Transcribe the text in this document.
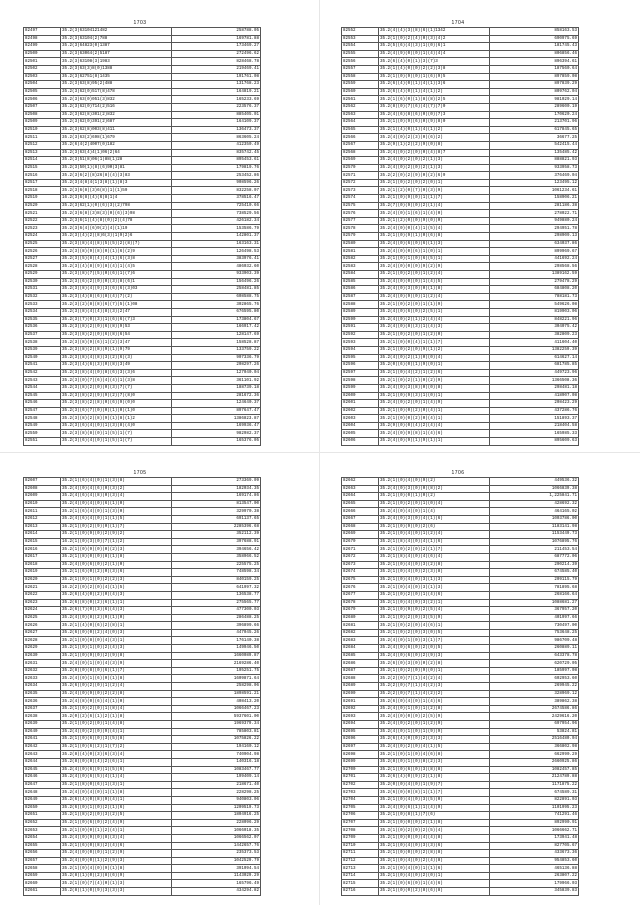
1703
82497	35.2(3)63104121482	258788.05
82498	35.2(3)63104(2)788	169781.88
82499	35.2(3)64823(0)1387	173469.27
82500	35.2(3)63064(2)5187	272496.62
82501	35.2(3)63108(3)1983	828468.78
82502	35.2(3)63(3)8(0)1388	219469.41
82503	35.2(3)62751(8)1435	191761.08
82504	35.2(3)63(8)95(2)488	131768.23
82505	35.2(3)62(0)517(8)478	164819.21
82506	35.2(3)63(0)051(3)832	165233.69
82507	35.2(3)62(0)714(2)516	223576.37
82508	35.2(3)62(8)301(2)832	885405.01
82509	35.2(3)62(0)391(2)687	164109.37
82510	35.2(3)62(8)003(8)411	136473.37
82511	35.2(3)63(2)698(1)679	863605.24
82512	35.2(6)4(2)4007(0)182	412350.49
82513	35.2(3)63(4)4(1)06(2)64	835742.45
82514	35.2(3)51(8)06(1)88(1)28	895453.61
82515	35.2(3)50(1)(8)(6)90(3)81	179819.76
82516	35.2(3)6(2)(8)26(8)(4)(3)83	253452.86
82517	35.2(3)4(8)4(1)3(8)(1)(8)3	908596.26
82518	35.2(3)6(8)(3)6(8)(1)(1)59	832258.07
82519	16.2(3)6(8)(4)(6)8(1)4	378516.47
82520	35.2(3)62(1)(0)(6)(3)(2)798	725410.66
82521	35.2(3)6(8)(3)8(3)(0)(6)(3)98	738529.56
82522	35.2(3)6(1)(4)(8)(0)(2)(4)78	426182.34
82523	35.2(3)6(4)(6)9(2)(4)(1)19	153586.79
82524	35.2(3)(4)(2)(8)6(3)(1)9(2)6	142801.37
82525	35.2(3)(8)(4)(8)(5)(5)(2)(8)(7)	163163.31
82526	35.2(3)(8)(9)(8)(0)(1)(6)(2)9	126498.53
82527	35.2(3)(5)(8)(4)(4)(1)(6)(3)8	383976.41
82528	35.2(3)(4)(8)(9)(8)(4)(1)(4)5	486032.60
82529	35.2(3)(8)(7)(5)(0)(6)(1)(7)6	933903.39
82530	35.2(3)(6)(2)(0)(0)(3)(8)(6)1	156496.26
82531	35.2(3)(8)(4)(9)(3)(6)(6)(3)03	258481.85
82532	35.2(3)(4)(8)(6)(8)(4)(7)(2)	608588.75
82533	35.2(3)(2)(8)(8)(6)(7)(5)(1)08	302865.76
82534	35.2(3)(8)(4)(4)(8)(3)(2)47	676595.80
82535	35.2(3)(7)(0)(3)(1)(6)(6)(7)3	173804.67
82536	35.2(3)(8)(2)(0)(6)(8)(9)53	166917.42
82537	35.2(3)(8)(2)(0)(6)(8)(6)54	128147.69
82538	35.2(3)(8)(9)(6)(1)(2)(3)47	158528.87
82539	35.2(3)(8)(2)(8)(9)(1)(9)79	133759.22
82540	35.2(3)(8)(4)(8)(3)(2)(6)(3)	907336.79
82541	35.2(3)(4)(6)(3)(0)(8)(3)49	208297.26
82542	35.2(3)(8)(4)(0)(8)(6)(3)(3)6	127040.04
82543	35.2(3)(0)(7)(6)(4)(4)(1)(3)8	361101.92
82544	35.2(3)(8)(2)(0)(0)(3)(7)(7)	188739.18
82545	35.2(3)(8)(2)(9)(9)(2)(7)(8)0	281672.36
82546	35.2(3)(8)(2)(8)(0)(6)(9)(0)0	124640.37
82547	35.2(3)(6)(7)(0)(0)(1)(0)(1)0	897647.47
82548	35.2(3)(8)(2)(8)(9)(1)(8)(1)2	1386823.87
82549	35.2(3)(6)(4)(0)(1)(3)(8)(4)0	169936.47
82550	35.2(3)(8)(8)(0)(1)(5)(1)(7)	982982.37
82551	35.2(3)(6)(4)(0)(1)(5)(1)(7)	165376.05
1704
82552	35.2(4)(4)(3)(8)(6)(1)1342	858163.53
82553	35.2(1)(0)(2)(4)(0)(3)(4)2	690975.69
82554	35.2(5)(6)(4)(3)(1)(0)(6)1	181745.43
82555	35.2(4)(9)(0)(0)(1)(4)(4)4	806856.46
82556	35.2(6)(4)(0)(1)(3)(7)3	896394.61
82557	35.2(1)(4)(0)(0)(2)(2)(3)8	187560.64
82558	35.2(1)(0)(9)(0)(1)(6)(9)5	897859.08
82559	35.2(6)(4)(0)(1)(4)(1)(3)6	897839.29
82560	35.2(6)(4)(0)(1)(4)(1)(2)	809762.04
82561	35.2(1)(6)(0)(1)(8)(8)(2)5	981029.14
82562	35.2(8)(0)(7)(6)(4)(7)(7)0	289600.19
82563	35.2(4)(6)(8)(6)(0)(0)(7)3	170620.24
82564	35.2(1)(0)(9)(6)(0)(9)(8)0	213701.96
82565	35.2(1)(4)(0)(1)(4)(1)(2)	617845.65
82566	35.2(4)(0)(2)(3)(0)(6)(2)	36677.25
82567	35.2(9)(1)(2)(2)(9)(0)(8)	542415.44
82568	35.2(4)(0)(2)(0)(0)(4)(8)7	135485.42
82569	35.2(4)(0)(2)(0)(2)(1)(3)	888821.93
82570	35.2(4)(0)(2)(0)(2)(1)(3)	933958.73
82571	35.2(2)(0)(2)(9)(0)(2)(6)9	376469.04
82572	35.2(1)(0)(2)(0)(2)(0)(1)	123495.12
82573	35.2(1)(2)(0)(7)(0)(3)(9)	1061234.61
82574	35.2(1)(0)(9)(0)(1)(1)(7)	158906.21
82575	35.2(7)(0)(9)(0)(2)(1)(4)	281186.38
82576	35.2(4)(0)(1)(6)(1)(4)(0)	278022.71
82577	35.2(1)(2)(0)(0)(9)(0)(0)	949880.24
82578	35.2(4)(0)(0)(4)(1)(5)(4)	294951.78
82579	35.2(1)(0)(9)(1)(0)(6)(8)	298909.13
82580	35.2(4)(0)(6)(0)(6)(1)(3)	634037.86
82581	35.2(4)(0)(0)(6)(1)(0)(1)	899969.67
82582	35.2(1)(0)(1)(0)(6)(5)(1)	441692.24
82583	35.2(4)(0)(0)(0)(9)(2)(9)	298568.56
82584	35.2(1)(0)(2)(0)(1)(2)(4)	1389162.59
82585	35.2(4)(0)(0)(0)(1)(4)(5)	279478.29
82586	35.2(4)(0)(3)(0)(0)(1)(8)	684808.20
82587	35.2(4)(0)(9)(0)(1)(2)(4)	788181.73
82588	35.2(1)(0)(2)(0)(1)(1)(9)	549626.08
82589	35.2(4)(0)(6)(0)(2)(5)(1)	819903.06
82590	35.2(4)(0)(2)(1)(2)(4)(4)	848221.96
82591	35.2(4)(0)(8)(3)(1)(4)(3)	304075.42
82592	35.2(1)(0)(2)(0)(1)(2)(0)	382809.23
82593	35.2(1)(0)(0)(4)(1)(1)(7)	411604.40
82594	35.2(1)(0)(2)(0)(9)(1)(2)	1382259.39
82595	35.2(4)(0)(2)(1)(0)(0)(4)	614627.14
82596	35.2(0)(6)(0)(1)(9)(0)(1)	681785.85
82597	35.2(1)(0)(4)(2)(1)(2)(6)	449723.96
82598	35.2(1)(0)(2)(1)(0)(2)(9)	1366508.36
82599	35.2(4)(0)(3)(8)(0)(0)(8)	298481.18
82600	35.2(1)(0)(9)(3)(1)(0)(1)	418907.08
82601	35.2(4)(0)(2)(0)(1)(4)(9)	208423.29
82602	35.2(1)(0)(0)(2)(0)(4)(1)	437286.76
82603	35.2(1)(0)(0)(2)(0)(4)(1)	151893.37
82604	35.2(9)(0)(0)(4)(2)(4)(4)	218404.58
82605	35.2(4)(0)(9)(8)(1)(4)(6)	165985.33
82606	35.2(4)(0)(9)(1)(9)(1)(1)	895609.63
1705
82607	35.2(1)(6)(4)(0)(1)(3)(8)	273369.09
82608	35.2(4)(0)(4)(6)(0)(3)(2)	182034.35
82609	35.2(4)(6)(4)(8)(0)(3)(4)	169174.86
82610	35.2(4)(0)(4)(0)(6)(1)(0)	813547.00
82611	35.2(1)(6)(4)(0)(1)(3)(0)	329970.38
82612	35.2(4)(6)(4)(0)(1)(1)(5)	691137.65
82613	35.2(1)(0)(2)(9)(0)(1)(7)	2285396.68
82614	35.2(1)(0)(9)(0)(2)(9)(2)	352112.39
82615	16.2(1)(0)(3)(0)(7)(1)(2)	397688.91
82616	35.2(1)(0)(9)(0)(0)(2)(3)	394656.42
82617	35.2(1)(8)(0)(0)(8)(1)(8)	358966.52
82618	35.2(4)(0)(6)(0)(2)(1)(0)	225575.25
82619	35.2(1)(6)(0)(2)(0)(3)(6)	748598.34
82620	35.2(1)(0)(1)(0)(2)(2)(3)	840159.25
82621	16.2(2)(0)(2)(0)(4)(1)(5)	641997.32
82622	35.2(6)(4)(0)(2)(0)(4)(3)	136538.77
82623	35.2(6)(8)(0)(2)(6)(1)(1)	275565.77
82624	35.2(6)(7)(0)(3)(6)(4)(3)	477300.03
82625	35.2(4)(0)(8)(2)(0)(1)(0)	286488.25
82626	35.2(1)(4)(0)(6)(2)(8)(1)	396899.66
82627	35.2(6)(0)(0)(2)(4)(0)(3)	447045.26
82628	35.2(1)(0)(8)(0)(4)(3)(1)	176140.38
82629	35.2(1)(0)(1)(0)(2)(4)(3)	149946.50
82630	35.2(1)(0)(9)(0)(2)(9)(8)	1660089.87
82631	35.2(4)(0)(1)(0)(4)(3)(9)	2169286.40
82632	35.2(8)(0)(8)(0)(6)(1)(7)	195251.75
82633	35.2(4)(0)(1)(6)(0)(1)(8)	1609871.64
82634	35.2(6)(0)(2)(0)(1)(2)(4)	258298.06
82635	35.2(4)(0)(9)(0)(2)(2)(8)	1898591.21
82636	35.2(4)(8)(0)(6)(4)(1)(0)	408413.20
82637	35.2(1)(0)(2)(0)(1)(8)(4)	1066467.23
82638	35.2(0)(2)(6)(1)(2)(1)(8)	5937601.00
82639	35.2(1)(0)(2)(0)(1)(4)(8)	1969379.34
82640	35.2(4)(0)(2)(0)(9)(4)(1)	785803.81
82641	35.2(1)(0)(6)(0)(3)(5)(8)	1075826.22
82642	35.2(1)(0)(6)(2)(1)(7)(2)	194160.12
82643	35.2(8)(4)(0)(3)(6)(3)(4)	740904.98
82644	35.2(8)(0)(8)(4)(2)(6)(1)	140316.18
82645	35.2(4)(0)(6)(9)(1)(5)(6)	1083467.77
82646	35.2(4)(0)(6)(5)(4)(1)(4)	199409.14
82647	35.2(1)(8)(0)(6)(1)(3)(1)	218671.40
82648	35.2(4)(0)(4)(0)(1)(1)(8)	228298.25
82649	35.2(6)(4)(0)(8)(9)(4)(1)	940803.06
82650	35.2(6)(0)(1)(0)(2)(1)(6)	1209519.73
82651	35.2(1)(8)(2)(0)(3)(2)(5)	1804916.25
82652	35.2(1)(0)(6)(0)(2)(4)(9)	228096.29
82653	35.2(1)(0)(0)(1)(2)(4)(1)	1066018.35
82654	35.2(4)(0)(9)(0)(8)(3)(4)	1066562.07
82655	35.2(1)(6)(0)(8)(2)(4)(6)	1442657.76
82656	35.2(4)(0)(0)(0)(1)(2)(9)	235373.53
82657	35.2(4)(0)(0)(1)(2)(9)(3)	1042529.79
82658	35.2(1)(0)(4)(0)(9)(1)(8)	391094.54
82659	35.2(8)(1)(0)(2)(8)(6)(9)	1143029.29
82660	35.2(1)(0)(7)(4)(0)(1)(3)	165796.49
82661	35.2(8)(1)(0)(9)(3)(3)(3)	434294.82
1706
82662	35.2(1)(0)(4)(0)(9)(2)	449536.32
82663	35.2(4)(0)(3)(0)(0)(8)(2)	1066839.38
82664	35.2(1)(0)(0)(1)(0)(2)	1,225841.71
82665	35.2(1)(0)(2)(0)(1)(0)(4)	428692.32
82666	35.2(4)(0)(4)(0)(1)(4)	464165.02
82667	35.2(4)(0)(3)(0)(4)(1)(6)	1003786.00
82668	35.2(1)(0)(9)(0)(2)(6)	1183141.98
82669	35.2(1)(0)(4)(0)(1)(2)(4)	1153449.73
82670	35.2(1)(8)(4)(0)(4)(1)(6)	1076895.76
82671	35.2(1)(0)(2)(0)(2)(1)(7)	211453.54
82672	35.2(1)(8)(4)(0)(4)(6)(4)	687772.06
82673	35.2(1)(0)(4)(0)(3)(2)(8)	290214.39
82674	35.2(1)(0)(4)(0)(2)(3)(8)	674585.40
82675	35.2(1)(0)(4)(0)(3)(1)(3)	209115.79
82676	35.2(1)(0)(4)(0)(3)(1)(3)	781895.68
82677	35.2(1)(0)(2)(0)(1)(4)(6)	268166.64
82678	35.2(1)(0)(4)(0)(3)(2)(1)	1088681.27
82679	35.2(1)(0)(9)(0)(2)(5)(4)	367957.20
82680	35.2(1)(0)(2)(0)(3)(5)(9)	401997.66
82681	35.2(1)(0)(2)(0)(4)(6)(1)	730497.00
82682	35.2(1)(0)(2)(0)(3)(0)(5)	753648.25
82683	35.2(4)(0)(1)(0)(3)(1)(7)	986709.48
82684	35.2(4)(0)(6)(0)(2)(0)(5)	260889.11
82685	35.2(4)(0)(6)(0)(2)(9)(3)	643378.78
82686	35.2(6)(0)(3)(0)(0)(2)(8)	620729.05
82687	35.2(1)(0)(2)(0)(9)(0)(1)	185997.08
82688	35.2(2)(0)(7)(1)(4)(2)(4)	602953.60
82689	35.2(2)(0)(7)(1)(4)(2)(3)	269945.22
82690	35.2(2)(0)(7)(1)(4)(2)(2)	328969.12
82691	35.2(6)(0)(4)(0)(1)(4)(6)	389862.38
82692	35.2(4)(0)(1)(0)(1)(2)(8)	2674586.86
82693	35.2(4)(0)(0)(0)(2)(5)(9)	2429616.20
82694	35.2(4)(0)(2)(0)(1)(2)(9)	697954.96
82695	35.2(4)(0)(1)(0)(1)(9)(9)	53824.81
82696	35.2(6)(4)(0)(0)(2)(3)(3)	2516480.04
82697	35.2(4)(0)(2)(0)(4)(1)(5)	366802.98
82698	35.2(1)(0)(1)(0)(4)(6)(8)	662990.29
82699	35.2(8)(0)(1)(0)(8)(2)(3)	2660925.86
82700	35.2(1)(0)(6)(0)(3)(8)(8)	1082457.85
82701	35.2(6)(4)(0)(9)(2)(1)(8)	2124789.88
82702	35.2(0)(0)(4)(0)(1)(9)(7)	1171875.22
82703	35.2(6)(0)(0)(8)(1)(1)(7)	674589.31
82704	35.2(1)(0)(4)(0)(3)(5)(0)	822891.03
82705	35.2(4)(0)(6)(1)(1)(4)(9)	1101995.23
82706	35.2(1)(0)(8)(1)(7)(6)	741291.46
82707	35.2(1)(0)(0)(0)(2)(1)(8)	892990.91
82708	35.2(1)(0)(2)(0)(2)(5)(4)	1066662.71
82709	35.2(1)(0)(0)(0)(4)(4)(8)	173941.48
82710	35.2(1)(0)(4)(0)(3)(3)(6)	827705.67
82711	35.2(1)(0)(0)(0)(2)(8)(8)	433673.36
82712	35.2(1)(0)(4)(0)(2)(4)(8)	954853.60
82713	35.2(1)(0)(4)(0)(1)(1)(6)	465136.88
82714	35.2(1)(0)(4)(0)(2)(0)(1)	263807.22
82715	35.2(1)(0)(6)(0)(1)(4)(6)	179966.03
82716	35.2(1)(0)(0)(2)(8)(6)(8)	345839.83
